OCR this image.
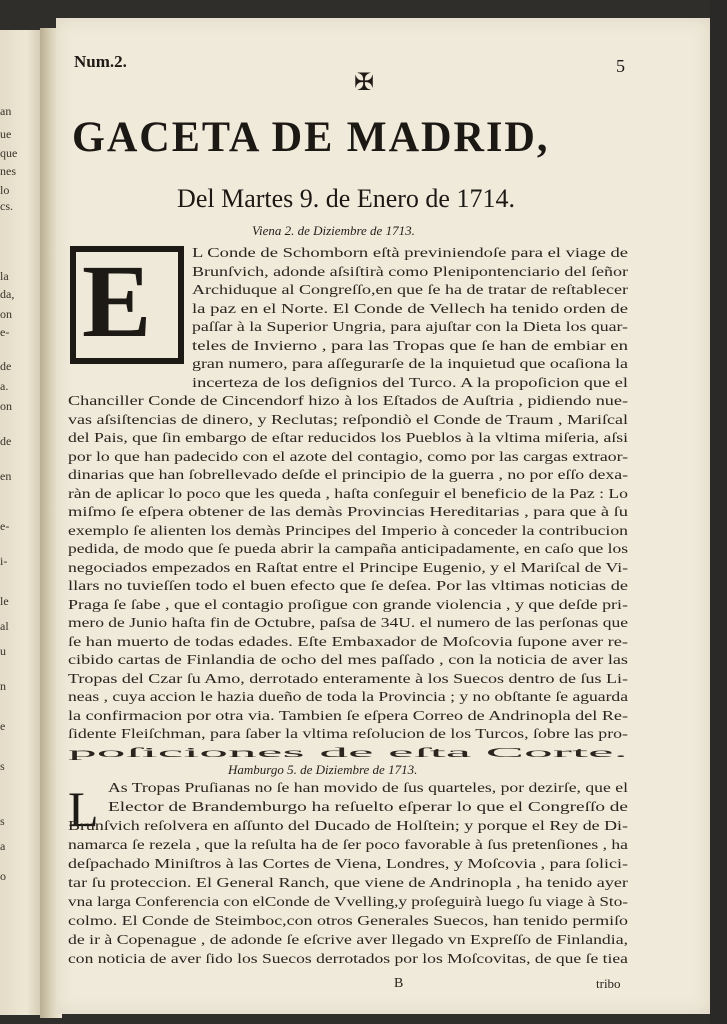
an
ue
que
nes
lo
cs.
la
da,
on
e-
de
a.
on
de
en
e-
i-
le
al
u
n
e
s
s
a
o
Num.2.	5
✠
GACETA DE MADRID,
Del Martes 9. de Enero de 1714.
Viena 2. de Diziembre de 1713.
E	L Conde de Schomborn eſtà previniendoſe para el viage de
Brunſvich, adonde aſsiſtirà como Plenipontenciario del ſeñor
Archiduque al Congreſſo,en que ſe ha de tratar de reſtablecer
la paz en el Norte. El Conde de Vellech ha tenido orden de
paſſar à la Superior Ungria, para ajuſtar con la Dieta los quar-
teles de Invierno , para las Tropas que ſe han de embiar en
gran numero, para aſſegurarſe de la inquietud que ocaſiona la
incerteza de los deſignios del Turco. A la propoſicion que el
Chanciller Conde de Cincendorf hizo à los Eſtados de Auſtria , pidiendo nue-
vas aſsiſtencias de dinero, y Reclutas; reſpondiò el Conde de Traum , Mariſcal
del Pais, que ſin embargo de eſtar reducidos los Pueblos à la vltima miſeria, aſsi
por lo que han padecido con el azote del contagio, como por las cargas extraor-
dinarias que han ſobrellevado deſde el principio de la guerra , no por eſſo dexa-
ràn de aplicar lo poco que les queda , haſta conſeguir el beneficio de la Paz : Lo
miſmo ſe eſpera obtener de las demàs Provincias Hereditarias , para que à ſu
exemplo ſe alienten los demàs Principes del Imperio à conceder la contribucion
pedida, de modo que ſe pueda abrir la campaña anticipadamente, en caſo que los
negociados empezados en Raſtat entre el Principe Eugenio, y el Mariſcal de Vi-
llars no tuvieſſen todo el buen efecto que ſe deſea. Por las vltimas noticias de
Praga ſe ſabe , que el contagio proſigue con grande violencia , y que deſde pri-
mero de Junio haſta fin de Octubre, paſsa de 34U. el numero de las perſonas que
ſe han muerto de todas edades. Eſte Embaxador de Moſcovia ſupone aver re-
cibido cartas de Finlandia de ocho del mes paſſado , con la noticia de aver las
Tropas del Czar ſu Amo, derrotado enteramente à los Suecos dentro de ſus Li-
neas , cuya accion le hazia dueño de toda la Provincia ; y no obſtante ſe aguarda
la confirmacion por otra via. Tambien ſe eſpera Correo de Andrinopla del Re-
ſidente Fleiſchman, para ſaber la vltima reſolucion de los Turcos, ſobre las pro-
poſiciones de eſta Corte.
Hamburgo 5. de Diziembre de 1713.
L As Tropas Pruſianas no ſe han movido de ſus quarteles, por dezirſe, que el
Elector de Brandemburgo ha reſuelto eſperar lo que el Congreſſo de
Brunſvich reſolvera en aſſunto del Ducado de Holſtein; y porque el Rey de Di-
namarca ſe rezela , que la reſulta ha de ſer poco favorable à ſus pretenſiones , ha
deſpachado Miniſtros à las Cortes de Viena, Londres, y Moſcovia , para ſolici-
tar ſu proteccion. El General Ranch, que viene de Andrinopla , ha tenido ayer
vna larga Conferencia con elConde de Vvelling,y proſeguirà luego ſu viage à Sto-
colmo. El Conde de Steimboc,con otros Generales Suecos, han tenido permiſo
de ir à Copenague , de adonde ſe eſcrive aver llegado vn Expreſſo de Finlandia,
con noticia de aver ſido los Suecos derrotados por los Moſcovitas, de que ſe tiea
B	tribo
